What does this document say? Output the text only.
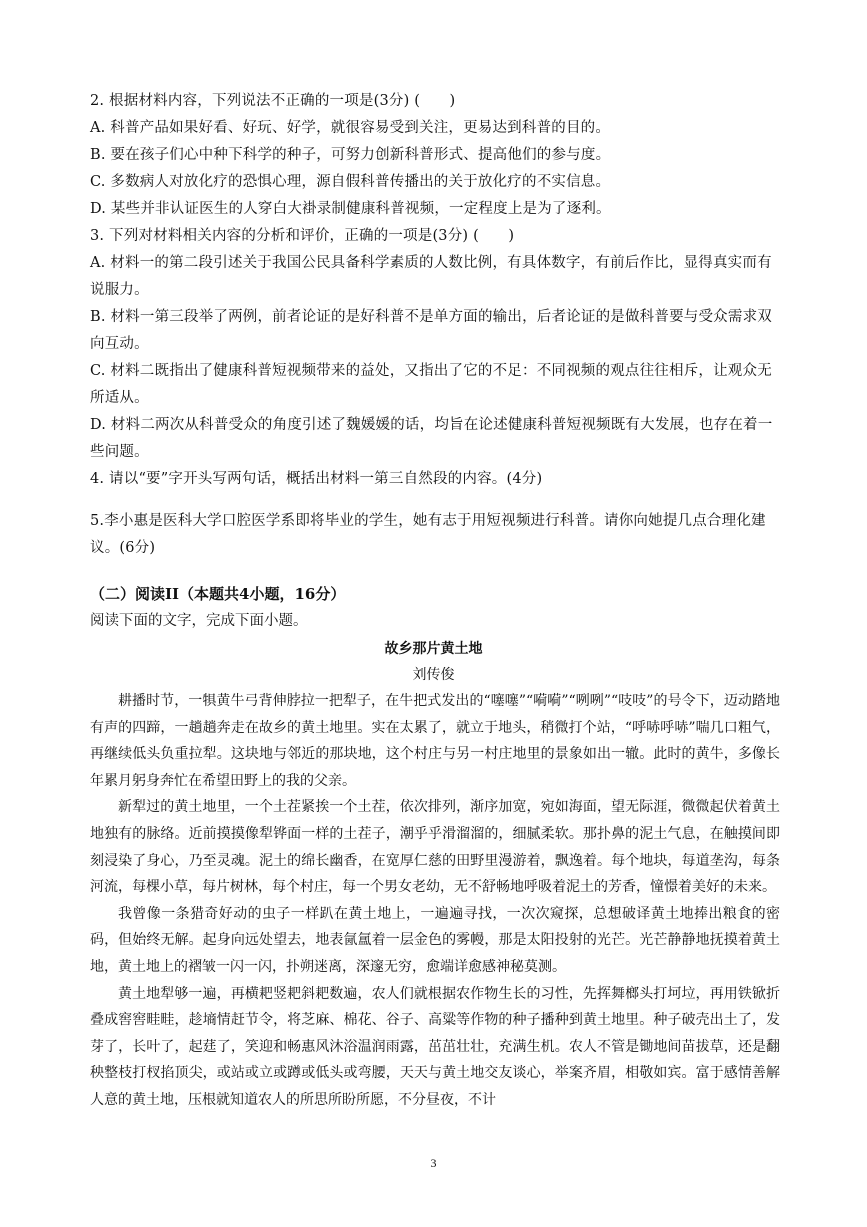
2. 根据材料内容，下列说法不正确的一项是(3分) (　　)

A. 科普产品如果好看、好玩、好学，就很容易受到关注，更易达到科普的目的。

B. 要在孩子们心中种下科学的种子，可努力创新科普形式、提高他们的参与度。

C. 多数病人对放化疗的恐惧心理，源自假科普传播出的关于放化疗的不实信息。

D. 某些并非认证医生的人穿白大褂录制健康科普视频，一定程度上是为了逐利。

3. 下列对材料相关内容的分析和评价，正确的一项是(3分) (　　)

A. 材料一的第二段引述关于我国公民具备科学素质的人数比例，有具体数字，有前后作比，显得真实而有说服力。

B. 材料一第三段举了两例，前者论证的是好科普不是单方面的输出，后者论证的是做科普要与受众需求双向互动。

C. 材料二既指出了健康科普短视频带来的益处，又指出了它的不足：不同视频的观点往往相斥，让观众无所适从。

D. 材料二两次从科普受众的角度引述了魏媛媛的话，均旨在论述健康科普短视频既有大发展，也存在着一些问题。

4. 请以“要”字开头写两句话，概括出材料一第三自然段的内容。(4分)

5.李小惠是医科大学口腔医学系即将毕业的学生，她有志于用短视频进行科普。请你向她提几点合理化建议。(6分)

（二）阅读II（本题共4小题，16分）
阅读下面的文字，完成下面小题。
故乡那片黄土地
刘传俊

耕播时节，一犋黄牛弓背伸脖拉一把犁子，在牛把式发出的“噻噻”“嗬嗬”“咧咧”“吱吱”的号令下，迈动踏地有声的四蹄，一趟趟奔走在故乡的黄土地里。实在太累了，就立于地头，稍微打个站，“呼哧呼哧”喘几口粗气，再继续低头负重拉犁。这块地与邻近的那块地，这个村庄与另一村庄地里的景象如出一辙。此时的黄牛，多像长年累月躬身奔忙在希望田野上的我的父亲。

新犁过的黄土地里，一个土茬紧挨一个土茬，依次排列，渐序加宽，宛如海面，望无际涯，微微起伏着黄土地独有的脉络。近前摸摸像犁铧面一样的土茬子，潮乎乎滑溜溜的，细腻柔软。那扑鼻的泥土气息，在触摸间即刻浸染了身心，乃至灵魂。泥土的绵长幽香，在宽厚仁慈的田野里漫游着，飘逸着。每个地块，每道垄沟，每条河流，每棵小草，每片树林，每个村庄，每一个男女老幼，无不舒畅地呼吸着泥土的芳香，憧憬着美好的未来。

我曾像一条猎奇好动的虫子一样趴在黄土地上，一遍遍寻找，一次次窥探，总想破译黄土地捧出粮食的密码，但始终无解。起身向远处望去，地表氤氲着一层金色的雾幔，那是太阳投射的光芒。光芒静静地抚摸着黄土地，黄土地上的褶皱一闪一闪，扑朔迷离，深邃无穷，愈端详愈感神秘莫测。

黄土地犁够一遍，再横耙竖耙斜耙数遍，农人们就根据农作物生长的习性，先挥舞榔头打坷垃，再用铁锨折叠成窖窖畦畦，趁墒情赶节令，将芝麻、棉花、谷子、高粱等作物的种子播种到黄土地里。种子破壳出土了，发芽了，长叶了，起莛了，笑迎和畅惠风沐浴温润雨露，茁茁壮壮，充满生机。农人不管是锄地间苗拔草，还是翻秧整枝打杈掐顶尖，或站或立或蹲或低头或弯腰，天天与黄土地交友谈心，举案齐眉，相敬如宾。富于感情善解人意的黄土地，压根就知道农人的所思所盼所愿，不分昼夜，不计

3
